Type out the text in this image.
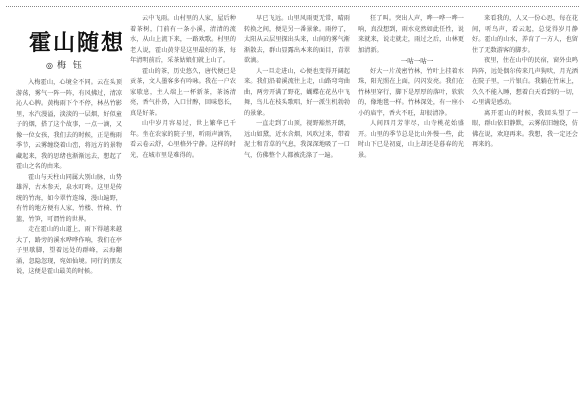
霍山随想
◎ 梅 钰

入梅霍山，心境全不同。云在头顶游荡，雾气一阵一阵，有风拂过，清凉沁人心脾。黄梅雨下个不停，林丛竹影里，水汽漫溢，淡淡的一层烟，好似童子的烟，搭了这个故事，一点一滴，又像一位女孩，我们去的时候，正是梅雨季节，云雾缠绕着山峦，将远方的景物藏起来，我的思绪也渐渐远去，想起了霍山之名的由来。

霍山与天柱山同属大别山脉，山势雄浑，古木参天，泉水叮咚。这里是传统的竹海，如今翠竹连绵，漫山遍野，有竹的地方便有人家，竹楼、竹椅、竹篮，竹笋，可谓竹的世界。

走在霍山的山道上，雨下得越来越大了，路旁的溪水哗哗作响，我们在亭子里歇脚，望着远处的群峰，云海翻涌，忽隐忽现，宛如仙境。同行的朋友说，这便是霍山最美的时候。

云中飞雨。山村里的人家，屋后种着茶树，门前有一条小溪，清清的流水，从山上流下来，一路欢歌。村里的老人说，霍山黄芽是这里最好的茶，每年清明前后，采茶姑娘们就上山了。

霍山的茶，历史悠久，唐代便已是贡茶，文人墨客多有吟咏。我在一户农家歇息，主人端上一杯新茶，茶汤清亮，香气扑鼻，入口甘醇，回味悠长，真是好茶。

山中岁月容易过，世上繁华已千年。坐在农家的院子里，听雨声滴答，看云卷云舒，心里格外宁静。这样的时光，在城市里是难得的。

早已飞远。山里风雨更无常，晴雨转换之间，便是另一番景象。雨停了，太阳从云层里探出头来，山间的雾气渐渐散去，群山显露出本来的面目，青翠欲滴。

人一旦走进山，心便也变得开阔起来。我们沿着溪流往上走，山路弯弯曲曲，两旁开满了野花，蝴蝶在花丛中飞舞，鸟儿在枝头歌唱，好一派生机勃勃的景象。

一直走到了山顶，视野豁然开朗，远山如黛，近水含烟，风吹过来，带着泥土和青草的气息，我深深地吸了一口气，仿佛整个人都被洗涤了一遍。

狂了叫。突出人声，哗一哗一哗一响，真没想到，雨水竟然如此任性，说来就来，说走就走，雨过之后，山林更加清新。

一咕一咕一

好大一片茂密竹林，竹叶上挂着水珠，阳光照在上面，闪闪发亮。我们在竹林里穿行，脚下是厚厚的落叶，软软的，像地毯一样。竹林深处，有一座小小的庙宇，香火不旺，却很清净。

人间四月芳菲尽，山寺桃花始盛开。山里的季节总是比山外慢一些，此时山下已是初夏，山上却还是暮春的光景。

来看我的，人又一份心思，每在花间，听鸟声，看云起，总觉得岁月静好。霍山的山水，养育了一方人，也留住了无数游客的脚步。

夜里，住在山中的民宿，窗外虫鸣阵阵，远处偶尔传来几声狗吠，月光洒在院子里，一片银白。我躺在竹床上，久久不能入睡，想着白天看到的一切，心里满是感动。

离开霍山的时候，我回头望了一眼，群山依旧静默，云雾依旧缠绕，仿佛在说，欢迎再来。我想，我一定还会再来的。
